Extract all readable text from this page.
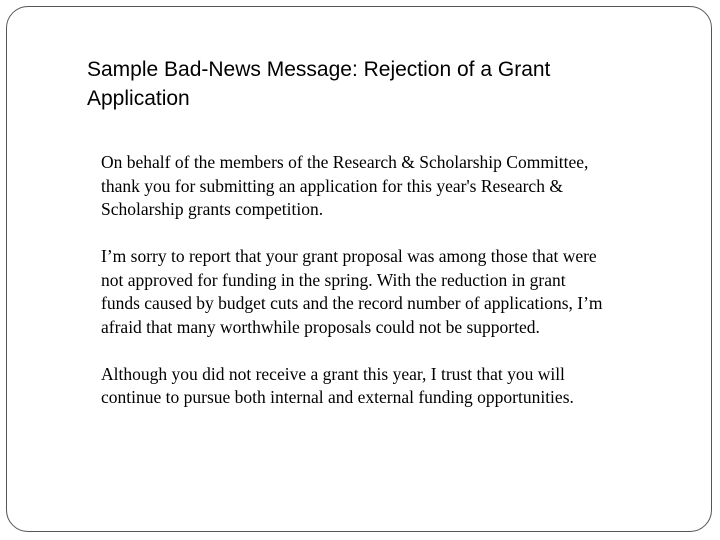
Sample Bad-News Message: Rejection of a Grant
Application

On behalf of the members of the Research & Scholarship Committee,
thank you for submitting an application for this year's Research &
Scholarship grants competition.

I’m sorry to report that your grant proposal was among those that were
not approved for funding in the spring. With the reduction in grant
funds caused by budget cuts and the record number of applications, I’m
afraid that many worthwhile proposals could not be supported.

Although you did not receive a grant this year, I trust that you will
continue to pursue both internal and external funding opportunities.
